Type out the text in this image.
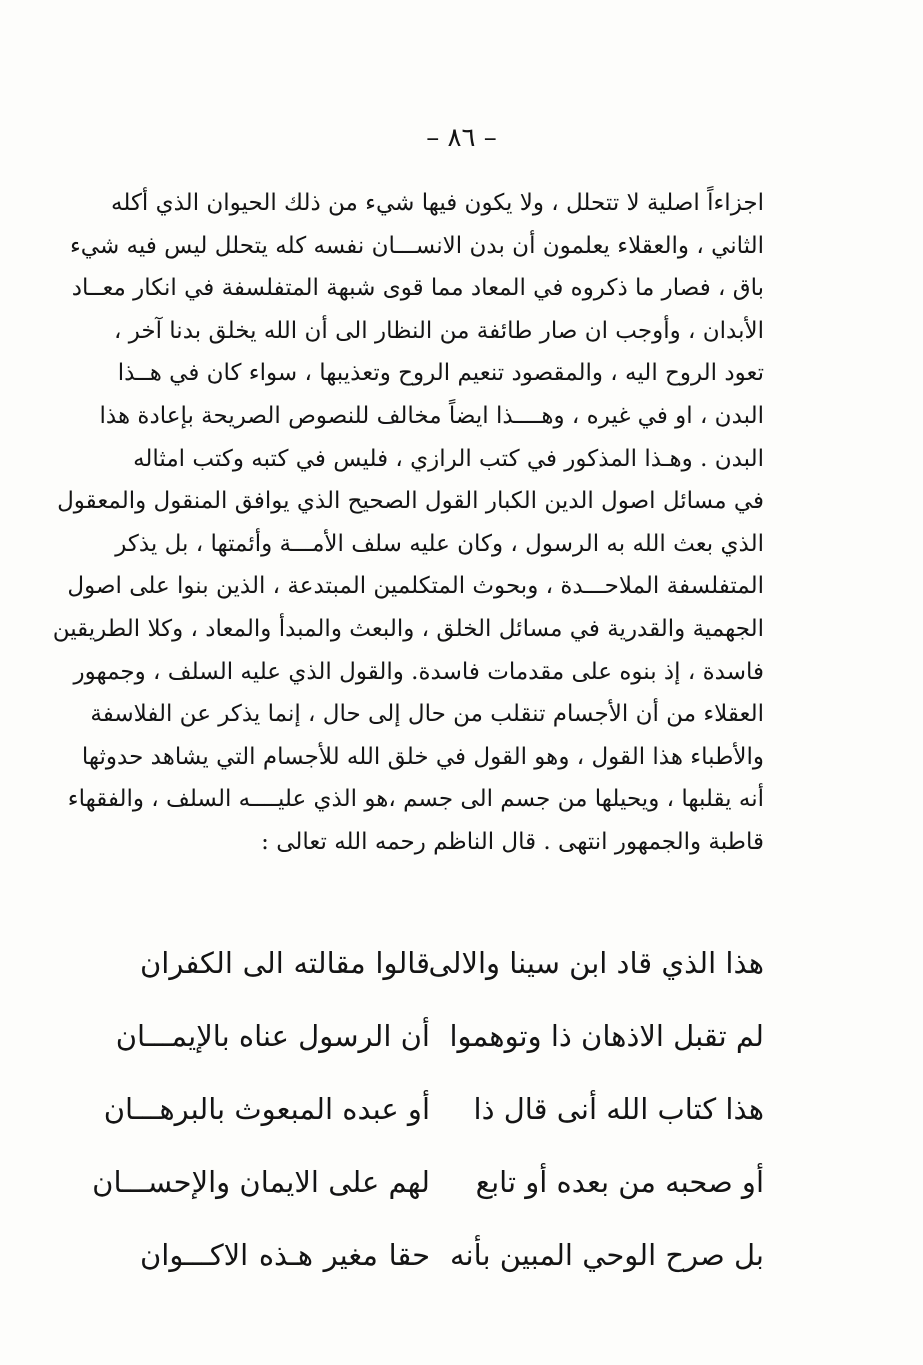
– ٨٦ –
اجزاءاً اصلية لا تتحلل ، ولا يكون فيها شيء من ذلك الحيوان الذي أكله
الثاني ، والعقلاء يعلمون أن بدن الانســـان نفسه كله يتحلل ليس فيه شيء
باق ، فصار ما ذكروه في المعاد مما قوى شبهة المتفلسفة في انكار معــاد
الأبدان ، وأوجب ان صار طائفة من النظار الى أن الله يخلق بدنا آخر ،
تعود الروح اليه ، والمقصود تنعيم الروح وتعذيبها ، سواء كان في هــذا
البدن ، او في غيره ، وهــــذا ايضاً مخالف للنصوص الصريحة بإعادة هذا
البدن . وهـذا المذكور في كتب الرازي ، فليس في كتبه وكتب امثاله
في مسائل اصول الدين الكبار القول الصحيح الذي يوافق المنقول والمعقول
الذي بعث الله به الرسول ، وكان عليه سلف الأمـــة وأئمتها ، بل يذكر
المتفلسفة الملاحـــدة ، وبحوث المتكلمين المبتدعة ، الذين بنوا على اصول
الجهمية والقدرية في مسائل الخلق ، والبعث والمبدأ والمعاد ، وكلا الطريقين
فاسدة ، إذ بنوه على مقدمات فاسدة. والقول الذي عليه السلف ، وجمهور
العقلاء من أن الأجسام تنقلب من حال إلى حال ، إنما يذكر عن الفلاسفة
والأطباء هذا القول ، وهو القول في خلق الله للأجسام التي يشاهد حدوثها
أنه يقلبها ، ويحيلها من جسم الى جسم ،هو الذي عليــــه السلف ، والفقهاء
قاطبة والجمهور انتهى . قال الناظم رحمه الله تعالى :
هذا الذي قاد ابن سينا والالى
قالوا مقالته الى الكفران
لم تقبل الاذهان ذا وتوهموا
أن الرسول عناه بالإيمـــان
هذا كتاب الله أنى قال ذا
أو عبده المبعوث بالبرهـــان
أو صحبه من بعده أو تابع
لهم على الايمان والإحســـان
بل صرح الوحي المبين بأنه
حقا مغير هـذه الاكـــوان
